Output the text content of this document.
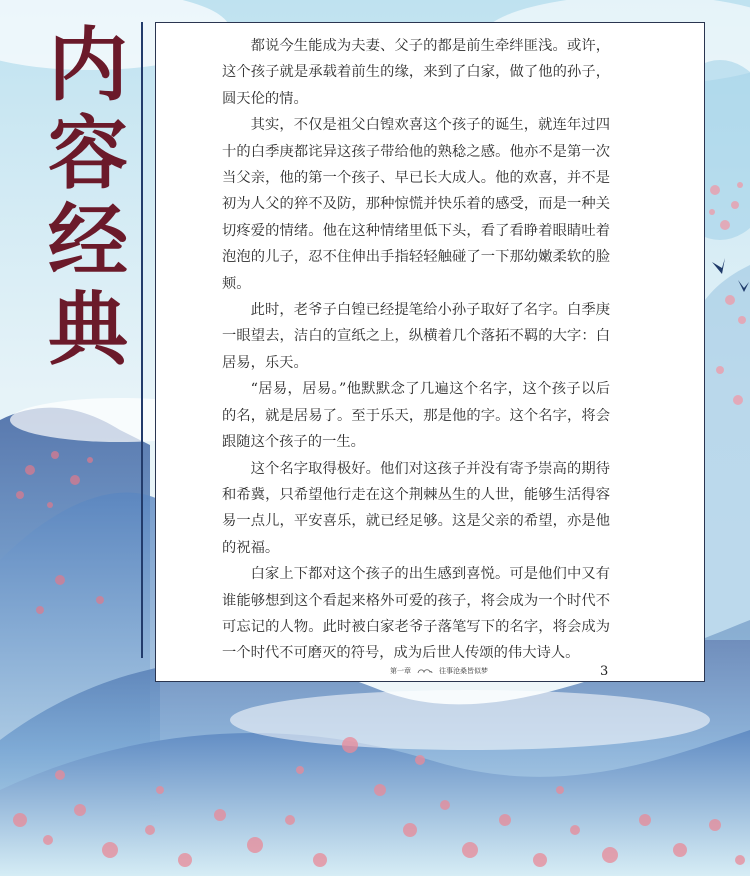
内
容
经
典

都说今生能成为夫妻、父子的都是前生牵绊匪浅。或许，这个孩子就是承载着前生的缘，来到了白家，做了他的孙子，圆天伦的情。

其实，不仅是祖父白锽欢喜这个孩子的诞生，就连年过四十的白季庚都诧异这孩子带给他的熟稔之感。他亦不是第一次当父亲，他的第一个孩子、早已长大成人。他的欢喜，并不是初为人父的猝不及防，那种惊慌并快乐着的感受，而是一种关切疼爱的情绪。他在这种情绪里低下头，看了看睁着眼睛吐着泡泡的儿子，忍不住伸出手指轻轻触碰了一下那幼嫩柔软的脸颊。

此时，老爷子白锽已经提笔给小孙子取好了名字。白季庚一眼望去，洁白的宣纸之上，纵横着几个落拓不羁的大字：白居易，乐天。

“居易，居易。”他默默念了几遍这个名字，这个孩子以后的名，就是居易了。至于乐天，那是他的字。这个名字，将会跟随这个孩子的一生。

这个名字取得极好。他们对这孩子并没有寄予崇高的期待和希冀，只希望他行走在这个荆棘丛生的人世，能够生活得容易一点儿，平安喜乐，就已经足够。这是父亲的希望，亦是他的祝福。

白家上下都对这个孩子的出生感到喜悦。可是他们中又有谁能够想到这个看起来格外可爱的孩子，将会成为一个时代不可忘记的人物。此时被白家老爷子落笔写下的名字，将会成为一个时代不可磨灭的符号，成为后世人传颂的伟大诗人。

第一章	往事沧桑皆似梦	3
